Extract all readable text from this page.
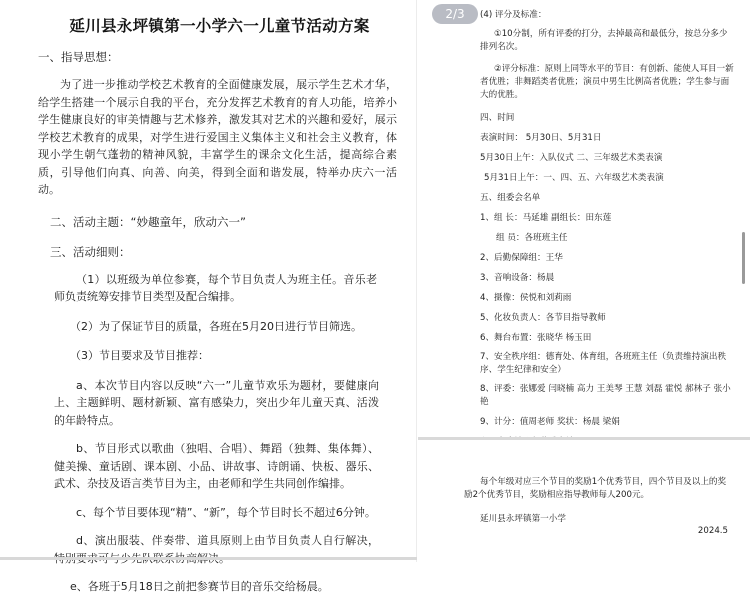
延川县永坪镇第一小学六一儿童节活动方案
一、指导思想：
为了进一步推动学校艺术教育的全面健康发展，展示学生艺术才华，给学生搭建一个展示自我的平台，充分发挥艺术教育的育人功能，培养小学生健康良好的审美情趣与艺术修养，激发其对艺术的兴趣和爱好，展示学校艺术教育的成果，对学生进行爱国主义集体主义和社会主义教育，体现小学生朝气蓬勃的精神风貌，丰富学生的课余文化生活，提高综合素质，引导他们向真、向善、向美，得到全面和谐发展，特举办庆六一活动。
二、活动主题：“妙趣童年，欣动六一”
三、活动细则：
（1）以班级为单位参赛，每个节目负责人为班主任。音乐老师负责统筹安排节目类型及配合编排。
（2）为了保证节目的质量，各班在5月20日进行节目筛选。
（3）节目要求及节目推荐：
a、本次节目内容以反映“六一”儿童节欢乐为题材，要健康向上、主题鲜明、题材新颖、富有感染力，突出少年儿童天真、活泼的年龄特点。
b、节目形式以歌曲（独唱、合唱）、舞蹈（独舞、集体舞）、健美操、童话剧、课本剧、小品、讲故事、诗朗诵、快板、器乐、武术、杂技及语言类节目为主，由老师和学生共同创作编排。
c、每个节目要体现“精”、“新”，每个节目时长不超过6分钟。
d、演出服装、伴奏带、道具原则上由节目负责人自行解决，
e、各班于5月18日之前把参赛节目的音乐交给杨晨。
(4) 评分及标准：
①10分制，所有评委的打分，去掉最高和最低分，按总分多少排列名次。
②评分标准：原则上同等水平的节目：有创新、能使人耳目一新者优胜；非舞蹈类者优胜；演员中男生比例高者优胜；学生参与面大的优胜。
四、时间
表演时间： 5月30日、5月31日
5月30日上午：入队仪式 二、三年级艺术类表演
5月31日上午：一、四、五、六年级艺术类表演
五、组委会名单
1、组 长：马延雄 副组长：田东莲
组 员：各班班主任
2、后勤保障组：王华
3、音响设备：杨晨
4、摄像：侯悦和刘莉雨
5、化妆负责人：各节目指导教师
6、舞台布置：张晓华 杨玉田
7、安全秩序组：德育处、体育组，各班班主任（负责维持演出秩序、学生纪律和安全）
8、评委：张娜爱 闫晓楠 高力 王美琴 王慧 刘磊 霍悦 郝林子 张小艳
9、计分：值周老师 奖状：杨晨 梁娟
2/3
每个年级对应三个节目的奖励1个优秀节目，四个节目及以上的奖励2个优秀节目，奖励相应指导教师每人200元。
延川县永坪镇第一小学
2024.5
